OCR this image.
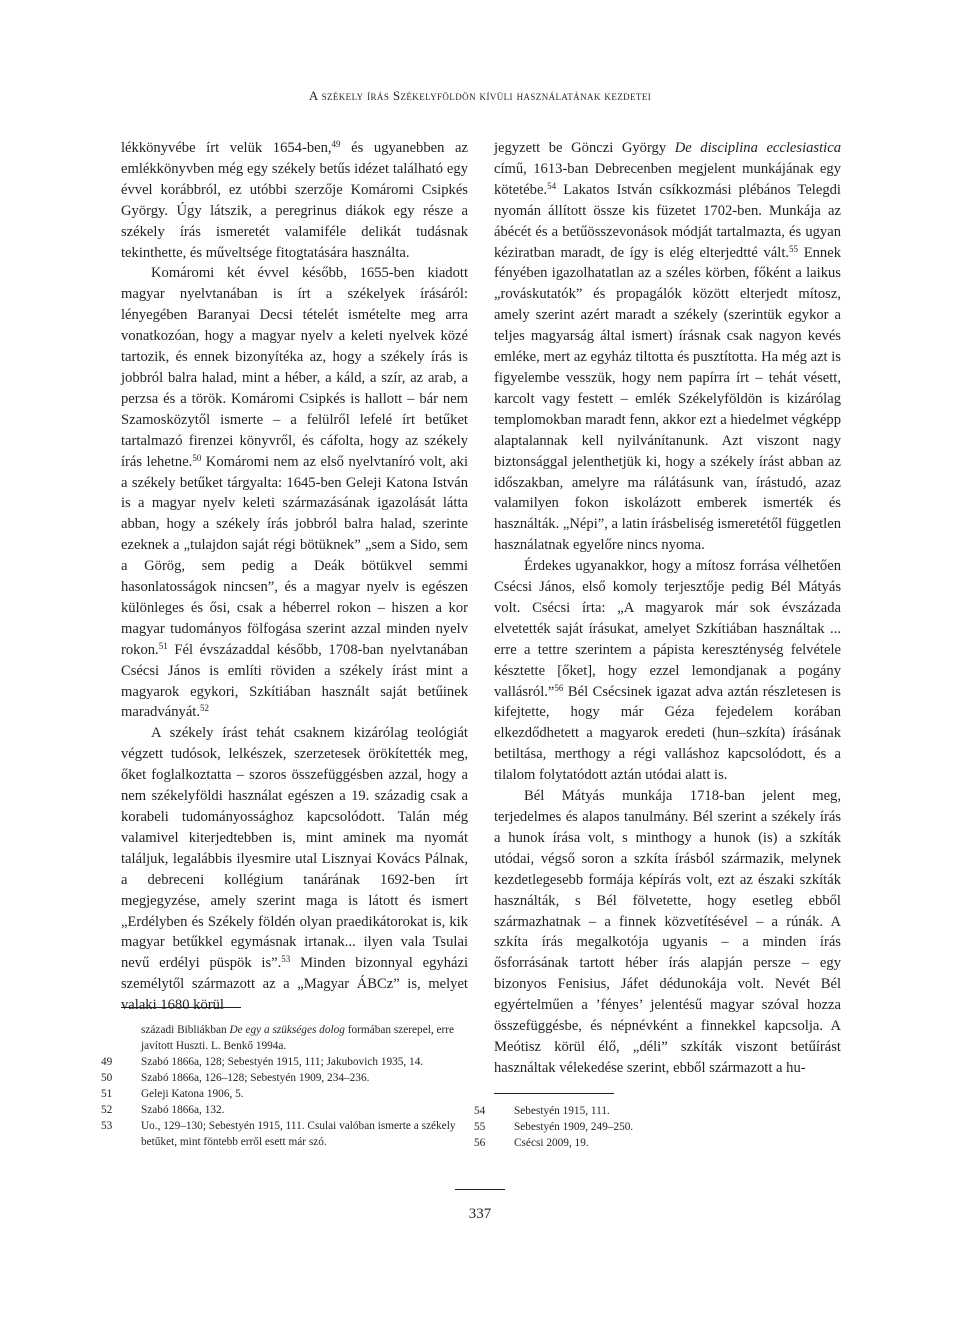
A székely írás Székelyföldön kívüli használatának kezdetei

lékkönyvébe írt velük 1654-ben,$^{49}$ és ugyanebben az emlékkönyvben még egy székely betűs idézet található egy évvel korábbról, ez utóbbi szerzője Komáromi Csipkés György. Úgy látszik, a peregrinus diákok egy része a székely írás ismeretét valamiféle delikát tudásnak tekinthette, és műveltsége fitogtatására használta.

Komáromi két évvel később, 1655-ben kiadott magyar nyelvtanában is írt a székelyek írásáról: lényegében Baranyai Decsi tételét ismételte meg arra vonatkozóan, hogy a magyar nyelv a keleti nyelvek közé tartozik, és ennek bizonyítéka az, hogy a székely írás is jobbról balra halad, mint a héber, a káld, a szír, az arab, a perzsa és a török. Komáromi Csipkés is hallott – bár nem Szamosközytől ismerte – a felülről lefelé írt betűket tartalmazó firenzei könyvről, és cáfolta, hogy az székely írás lehetne.$^{50}$ Komáromi nem az első nyelvtaníró volt, aki a székely betűket tárgyalta: 1645-ben Geleji Katona István is a magyar nyelv keleti származásának igazolását látta abban, hogy a székely írás jobbról balra halad, szerinte ezeknek a „tulajdon saját régi bötüknek” „sem a Sido, sem a Görög, sem pedig a Deák bötükvel semmi hasonlatosságok nincsen”, és a magyar nyelv is egészen különleges és ősi, csak a héberrel rokon – hiszen a kor magyar tudományos fölfogása szerint azzal minden nyelv rokon.$^{51}$ Fél évszázaddal később, 1708-ban nyelvtanában Csécsi János is említi röviden a székely írást mint a magyarok egykori, Szkítiában használt saját betűinek maradványát.$^{52}$

A székely írást tehát csaknem kizárólag teológiát végzett tudósok, lelkészek, szerzetesek örökítették meg, őket foglalkoztatta – szoros összefüggésben azzal, hogy a nem székelyföldi használat egészen a 19. századig csak a korabeli tudományossághoz kapcsolódott. Talán még valamivel kiterjedtebben is, mint aminek ma nyomát találjuk, legalábbis ilyesmire utal Lisznyai Kovács Pálnak, a debreceni kollégium tanárának 1692-ben írt megjegyzése, amely szerint maga is látott és ismert „Erdélyben és Székely földén olyan praedikátorokat is, kik magyar betűkkel egymásnak irtanak... ilyen vala Tsulai nevű erdélyi püspök is”.$^{53}$ Minden bizonnyal egyházi személytől származott az a „Magyar ÁBCz” is, melyet valaki 1680 körül

jegyzett be Gönczi György De disciplina ecclesiastica című, 1613-ban Debrecenben megjelent munkájának egy kötetébe.$^{54}$ Lakatos István csíkkozmási plébános Telegdi nyomán állított össze kis füzetet 1702-ben. Munkája az ábécét és a betűösszevonások módját tartalmazta, és ugyan kéziratban maradt, de így is elég elterjedtté vált.$^{55}$ Ennek fényében igazolhatatlan az a széles körben, főként a laikus „rováskutatók” és propagálók között elterjedt mítosz, amely szerint azért maradt a székely (szerintük egykor a teljes magyarság által ismert) írásnak csak nagyon kevés emléke, mert az egyház tiltotta és pusztította. Ha még azt is figyelembe vesszük, hogy nem papírra írt – tehát vésett, karcolt vagy festett – emlék Székelyföldön is kizárólag templomokban maradt fenn, akkor ezt a hiedelmet végképp alaptalannak kell nyilvánítanunk. Azt viszont nagy biztonsággal jelenthetjük ki, hogy a székely írást abban az időszakban, amelyre ma rálátásunk van, írástudó, azaz valamilyen fokon iskolázott emberek ismerték és használták. „Népi”, a latin írásbeliség ismeretétől független használatnak egyelőre nincs nyoma.

Érdekes ugyanakkor, hogy a mítosz forrása vélhetően Csécsi János, első komoly terjesztője pedig Bél Mátyás volt. Csécsi írta: „A magyarok már sok évszázada elvetették saját írásukat, amelyet Szkítiában használtak ... erre a tettre szerintem a pápista kereszténység felvételе késztette [őket], hogy ezzel lemondjanak a pogány vallásról.”$^{56}$ Bél Csécsinek igazat adva aztán részletesen is kifejtette, hogy már Géza fejedelem korában elkezdődhetett a magyarok eredeti (hun–szkíta) írásának betiltása, merthogy a régi valláshoz kapcsolódott, és a tilalom folytatódott aztán utódai alatt is.

Bél Mátyás munkája 1718-ban jelent meg, terjedelmes és alapos tanulmány. Bél szerint a székely írás a hunok írása volt, s minthogy a hunok (is) a szkíták utódai, végső soron a szkíta írásból származik, melynek kezdetlegesebb formája képírás volt, ezt az északi szkíták használták, s Bél fölvetette, hogy esetleg ebből származhatnak – a finnek közvetítésével – a rúnák. A szkíta írás megalkotója ugyanis – a minden írás ősforrásának tartott héber írás alapján persze – egy bizonyos Fenisius, Jáfet dédunokája volt. Nevét Bél egyértelműen a ’fényes’ jelentésű magyar szóval hozza összefüggésbe, és népnévként a finnekkel kapcsolja. A Meótisz körül élő, „déli” szkíták viszont betűírást használtak vélekedése szerint, ebből származott a hu-

századi Bibliákban De egy a szükséges dolog formában szerepel, erre javított Huszti. L. Benkő 1994a.

49	Szabó 1866a, 128; Sebestyén 1915, 111; Jakubovich 1935, 14.

50	Szabó 1866a, 126–128; Sebestyén 1909, 234–236.

51	Geleji Katona 1906, 5.

52	Szabó 1866a, 132.

53	Uo., 129–130; Sebestyén 1915, 111. Csulai valóban ismerte a székely betűket, mint föntebb erről esett már szó.

54	Sebestyén 1915, 111.

55	Sebestyén 1909, 249–250.

56	Csécsi 2009, 19.

337
